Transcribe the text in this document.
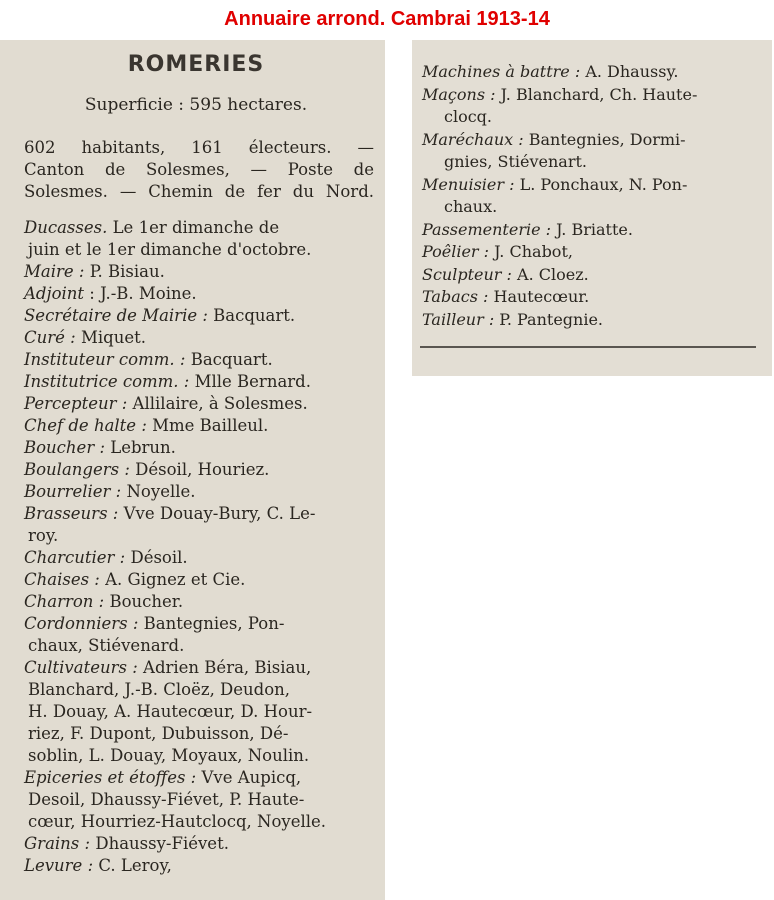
Annuaire arrond. Cambrai 1913-14
ROMERIES
Superficie : 595 hectares.
602 habitants, 161 électeurs. —
Canton de Solesmes, — Poste de
Solesmes. — Chemin de fer du Nord.
Ducasses. Le 1er dimanche de
juin et le 1er dimanche d'octobre.
Maire : P. Bisiau.
Adjoint : J.-B. Moine.
Secrétaire de Mairie : Bacquart.
Curé : Miquet.
Instituteur comm. : Bacquart.
Institutrice comm. : Mlle Bernard.
Percepteur : Allilaire, à Solesmes.
Chef de halte : Mme Bailleul.
Boucher : Lebrun.
Boulangers : Désoil, Houriez.
Bourrelier : Noyelle.
Brasseurs : Vve Douay-Bury, C. Le-
roy.
Charcutier : Désoil.
Chaises : A. Gignez et Cie.
Charron : Boucher.
Cordonniers : Bantegnies, Pon-
chaux, Stiévenard.
Cultivateurs : Adrien Béra, Bisiau,
Blanchard, J.-B. Cloëz, Deudon,
H. Douay, A. Hautecœur, D. Hour-
riez, F. Dupont, Dubuisson, Dé-
soblin, L. Douay, Moyaux, Noulin.
Epiceries et étoffes : Vve Aupicq,
Desoil, Dhaussy-Fiévet, P. Haute-
cœur, Hourriez-Hautclocq, Noyelle.
Grains : Dhaussy-Fiévet.
Levure : C. Leroy,
Machines à battre : A. Dhaussy.
Maçons : J. Blanchard, Ch. Haute-
clocq.
Maréchaux : Bantegnies, Dormi-
gnies, Stiévenart.
Menuisier : L. Ponchaux, N. Pon-
chaux.
Passementerie : J. Briatte.
Poêlier : J. Chabot,
Sculpteur : A. Cloez.
Tabacs : Hautecœur.
Tailleur : P. Pantegnie.
